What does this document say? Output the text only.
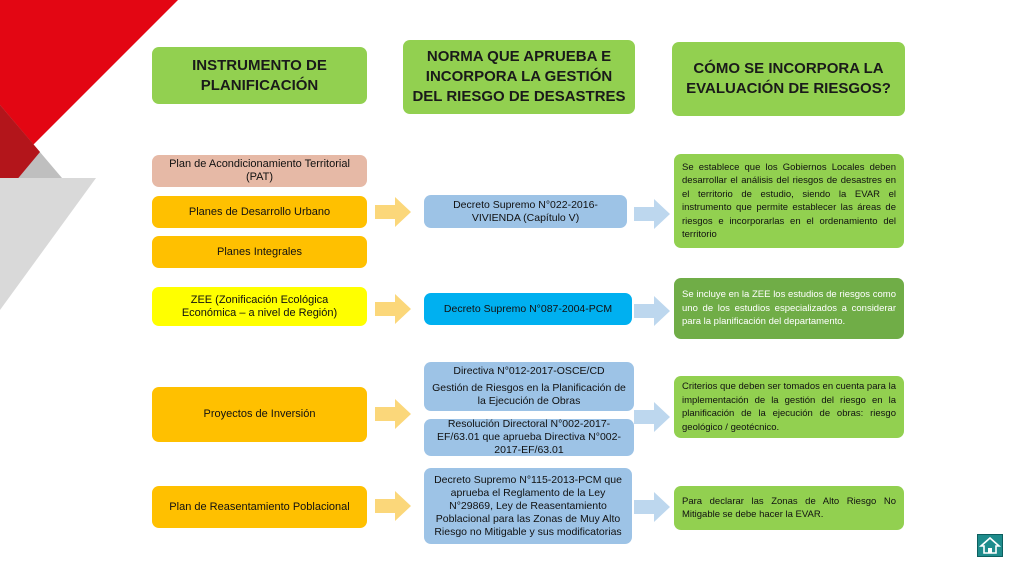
INSTRUMENTO DE PLANIFICACIÓN
NORMA QUE APRUEBA E INCORPORA LA GESTIÓN DEL RIESGO DE DESASTRES
CÓMO SE INCORPORA LA EVALUACIÓN DE RIESGOS?
Plan de Acondicionamiento Territorial (PAT)
Planes de Desarrollo Urbano
Planes Integrales
ZEE (Zonificación Ecológica Económica – a nivel de Región)
Proyectos de Inversión
Plan de Reasentamiento Poblacional
Decreto Supremo N°022-2016-VIVIENDA (Capítulo V)
Decreto Supremo N°087-2004-PCM
Directiva N°012-2017-OSCE/CD
Gestión de Riesgos en la Planificación de la Ejecución de Obras
Resolución Directoral N°002-2017-EF/63.01 que aprueba Directiva N°002-2017-EF/63.01
Decreto Supremo N°115-2013-PCM que aprueba el Reglamento de la Ley N°29869, Ley de Reasentamiento Poblacional para las Zonas de Muy Alto Riesgo no Mitigable y sus modificatorias
Se establece que los Gobiernos Locales deben desarrollar el análisis del riesgos de desastres en el territorio de estudio, siendo la EVAR el instrumento que permite establecer las áreas de riesgos e incorporarlas en el ordenamiento del territorio
Se incluye en la ZEE los estudios de riesgos como uno de los estudios especializados a considerar para la planificación del departamento.
Criterios que deben ser tomados en cuenta para la implementación de la gestión del riesgo en la planificación de la ejecución de obras: riesgo geológico / geotécnico.
Para declarar las Zonas de Alto Riesgo No Mitigable se debe hacer la EVAR.
